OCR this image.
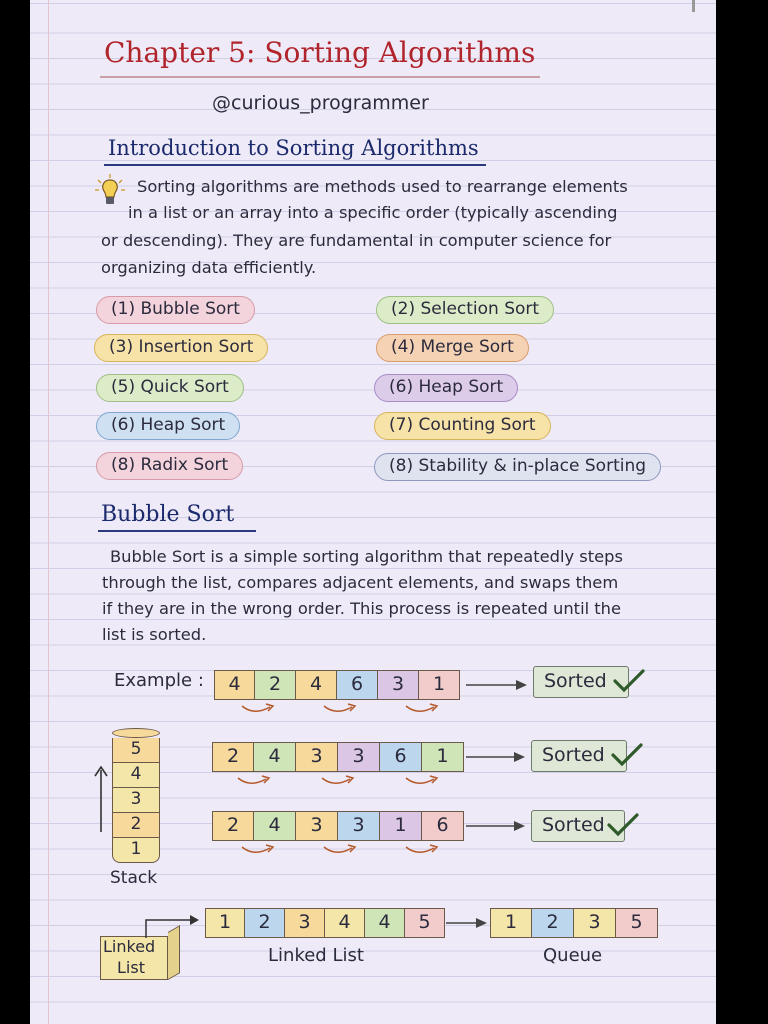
Chapter 5: Sorting Algorithms
@curious_programmer
Introduction to Sorting Algorithms
Sorting algorithms are methods used to rearrange elements
in a list or an array into a specific order (typically ascending
or descending). They are fundamental in computer science for
organizing data efficiently.
(1) Bubble Sort	(2) Selection Sort
(3) Insertion Sort	(4) Merge Sort
(5) Quick Sort	(6) Heap Sort
(6) Heap Sort	(7) Counting Sort
(8) Radix Sort	(8) Stability & in-place Sorting
Bubble Sort
Bubble Sort is a simple sorting algorithm that repeatedly steps
through the list, compares adjacent elements, and swaps them
if they are in the wrong order. This process is repeated until the
list is sorted.
Example :	4	2	4	6	3	1	Sorted
2	4	3	3	6	1	Sorted
2	4	3	3	1	6	Sorted
5
4
3
2
1
Stack
Linked
List
1	2	3	4	4	5	1	2	3	5
Linked List	Queue
